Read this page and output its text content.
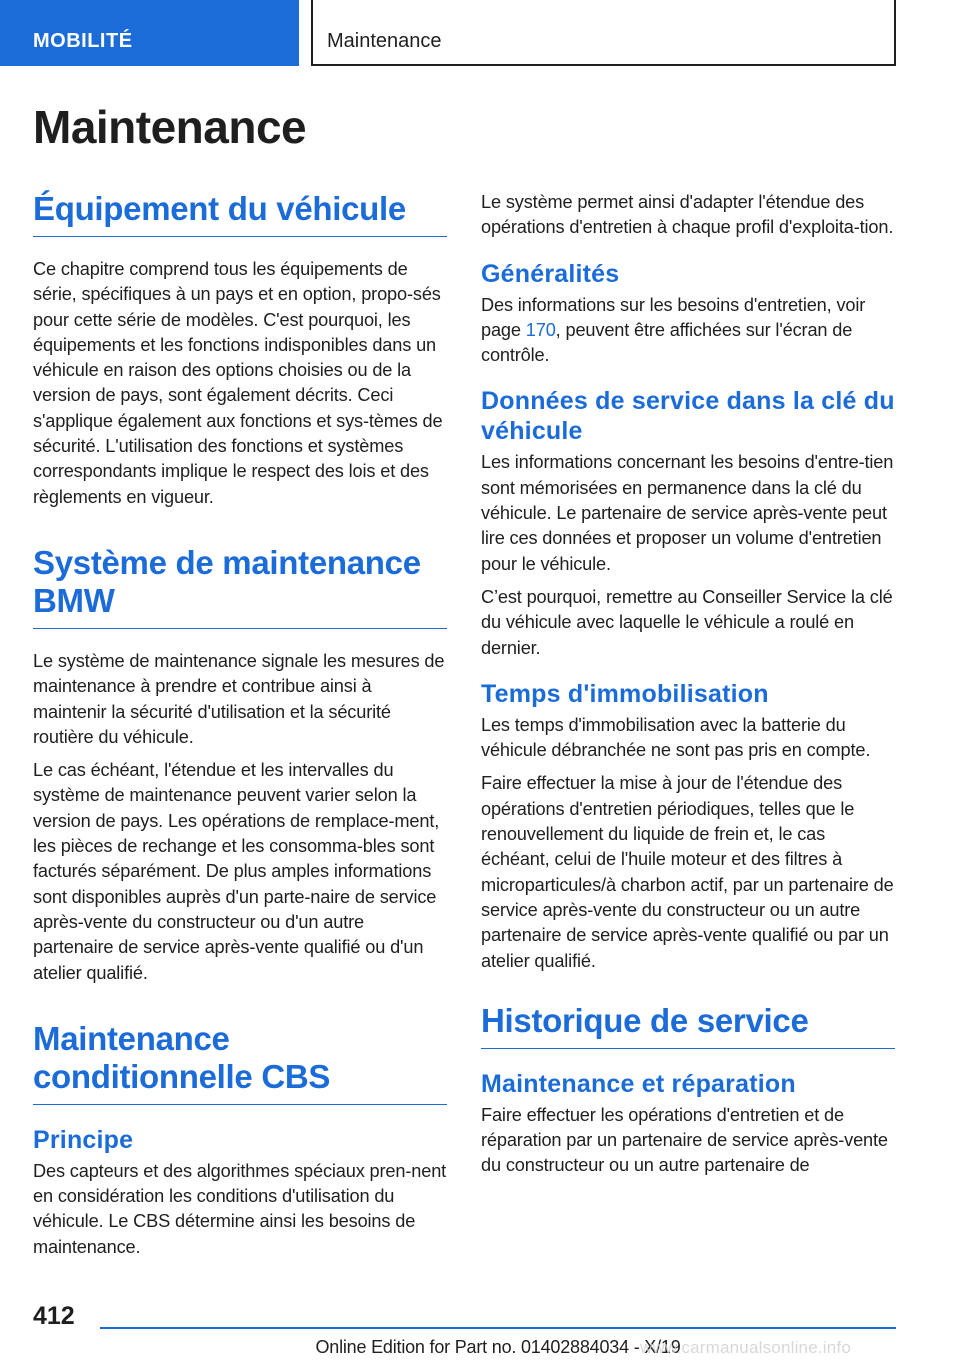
MOBILITÉ	Maintenance
Maintenance
Équipement du véhicule

Ce chapitre comprend tous les équipements de série, spécifiques à un pays et en option, propo-sés pour cette série de modèles. C'est pourquoi, les équipements et les fonctions indisponibles dans un véhicule en raison des options choisies ou de la version de pays, sont également décrits. Ceci s'applique également aux fonctions et sys-tèmes de sécurité. L'utilisation des fonctions et systèmes correspondants implique le respect des lois et des règlements en vigueur.

Système de maintenance BMW

Le système de maintenance signale les mesures de maintenance à prendre et contribue ainsi à maintenir la sécurité d'utilisation et la sécurité routière du véhicule.

Le cas échéant, l'étendue et les intervalles du système de maintenance peuvent varier selon la version de pays. Les opérations de remplace-ment, les pièces de rechange et les consomma-bles sont facturés séparément. De plus amples informations sont disponibles auprès d'un parte-naire de service après-vente du constructeur ou d'un autre partenaire de service après-vente qualifié ou d'un atelier qualifié.

Maintenance conditionnelle CBS
Principe

Des capteurs et des algorithmes spéciaux pren-nent en considération les conditions d'utilisation du véhicule. Le CBS détermine ainsi les besoins de maintenance.

Le système permet ainsi d'adapter l'étendue des opérations d'entretien à chaque profil d'exploita-tion.

Généralités

Des informations sur les besoins d'entretien, voir page 170, peuvent être affichées sur l'écran de contrôle.

Données de service dans la clé du véhicule

Les informations concernant les besoins d'entre-tien sont mémorisées en permanence dans la clé du véhicule. Le partenaire de service après-vente peut lire ces données et proposer un volume d'entretien pour le véhicule.

C’est pourquoi, remettre au Conseiller Service la clé du véhicule avec laquelle le véhicule a roulé en dernier.

Temps d'immobilisation

Les temps d'immobilisation avec la batterie du véhicule débranchée ne sont pas pris en compte.

Faire effectuer la mise à jour de l'étendue des opérations d'entretien périodiques, telles que le renouvellement du liquide de frein et, le cas échéant, celui de l'huile moteur et des filtres à microparticules/à charbon actif, par un partenaire de service après-vente du constructeur ou un autre partenaire de service après-vente qualifié ou par un atelier qualifié.

Historique de service
Maintenance et réparation

Faire effectuer les opérations d'entretien et de réparation par un partenaire de service après-vente du constructeur ou un autre partenaire de

412
Online Edition for Part no. 01402884034 - X/19
www.carmanualsonline.info
